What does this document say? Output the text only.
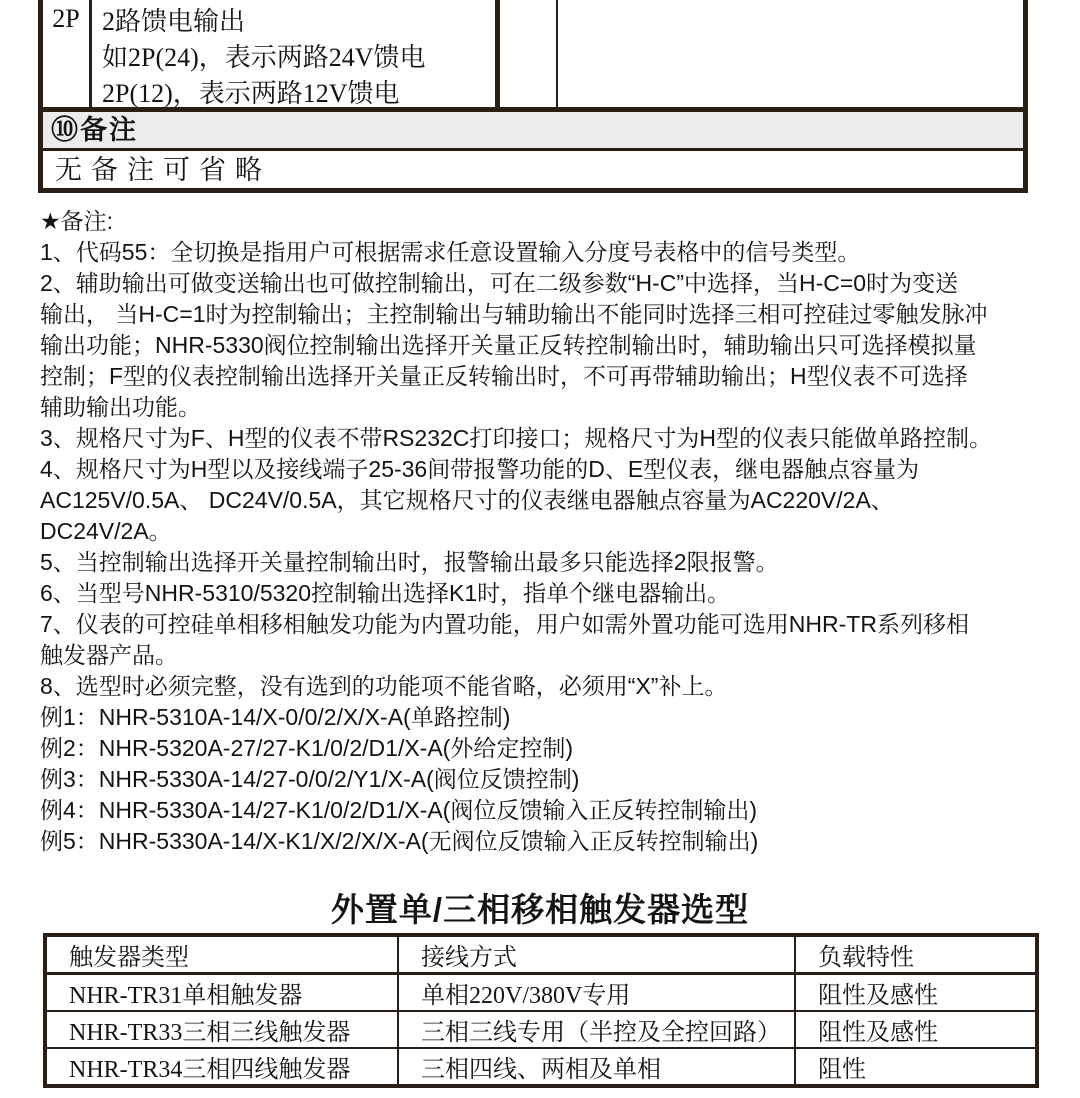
2P 2路馈电输出
如2P(24)，表示两路24V馈电
2P(12)，表示两路12V馈电
⑩备注
无备注可省略
★备注:
1、代码55：全切换是指用户可根据需求任意设置输入分度号表格中的信号类型。
2、辅助输出可做变送输出也可做控制输出，可在二级参数“H-C”中选择，当H-C=0时为变送
输出， 当H-C=1时为控制输出；主控制输出与辅助输出不能同时选择三相可控硅过零触发脉冲
输出功能；NHR-5330阀位控制输出选择开关量正反转控制输出时，辅助输出只可选择模拟量
控制；F型的仪表控制输出选择开关量正反转输出时，不可再带辅助输出；H型仪表不可选择
辅助输出功能。
3、规格尺寸为F、H型的仪表不带RS232C打印接口；规格尺寸为H型的仪表只能做单路控制。
4、规格尺寸为H型以及接线端子25-36间带报警功能的D、E型仪表，继电器触点容量为
AC125V/0.5A、 DC24V/0.5A，其它规格尺寸的仪表继电器触点容量为AC220V/2A、
DC24V/2A。
5、当控制输出选择开关量控制输出时，报警输出最多只能选择2限报警。
6、当型号NHR-5310/5320控制输出选择K1时，指单个继电器输出。
7、仪表的可控硅单相移相触发功能为内置功能，用户如需外置功能可选用NHR-TR系列移相
触发器产品。
8、选型时必须完整，没有选到的功能项不能省略，必须用“X”补上。
例1：NHR-5310A-14/X-0/0/2/X/X-A(单路控制)
例2：NHR-5320A-27/27-K1/0/2/D1/X-A(外给定控制)
例3：NHR-5330A-14/27-0/0/2/Y1/X-A(阀位反馈控制)
例4：NHR-5330A-14/27-K1/0/2/D1/X-A(阀位反馈输入正反转控制输出)
例5：NHR-5330A-14/X-K1/X/2/X/X-A(无阀位反馈输入正反转控制输出)
外置单/三相移相触发器选型
触发器类型	接线方式	负载特性
NHR-TR31单相触发器	单相220V/380V专用	阻性及感性
NHR-TR33三相三线触发器	三相三线专用（半控及全控回路）	阻性及感性
NHR-TR34三相四线触发器	三相四线、两相及单相	阻性
